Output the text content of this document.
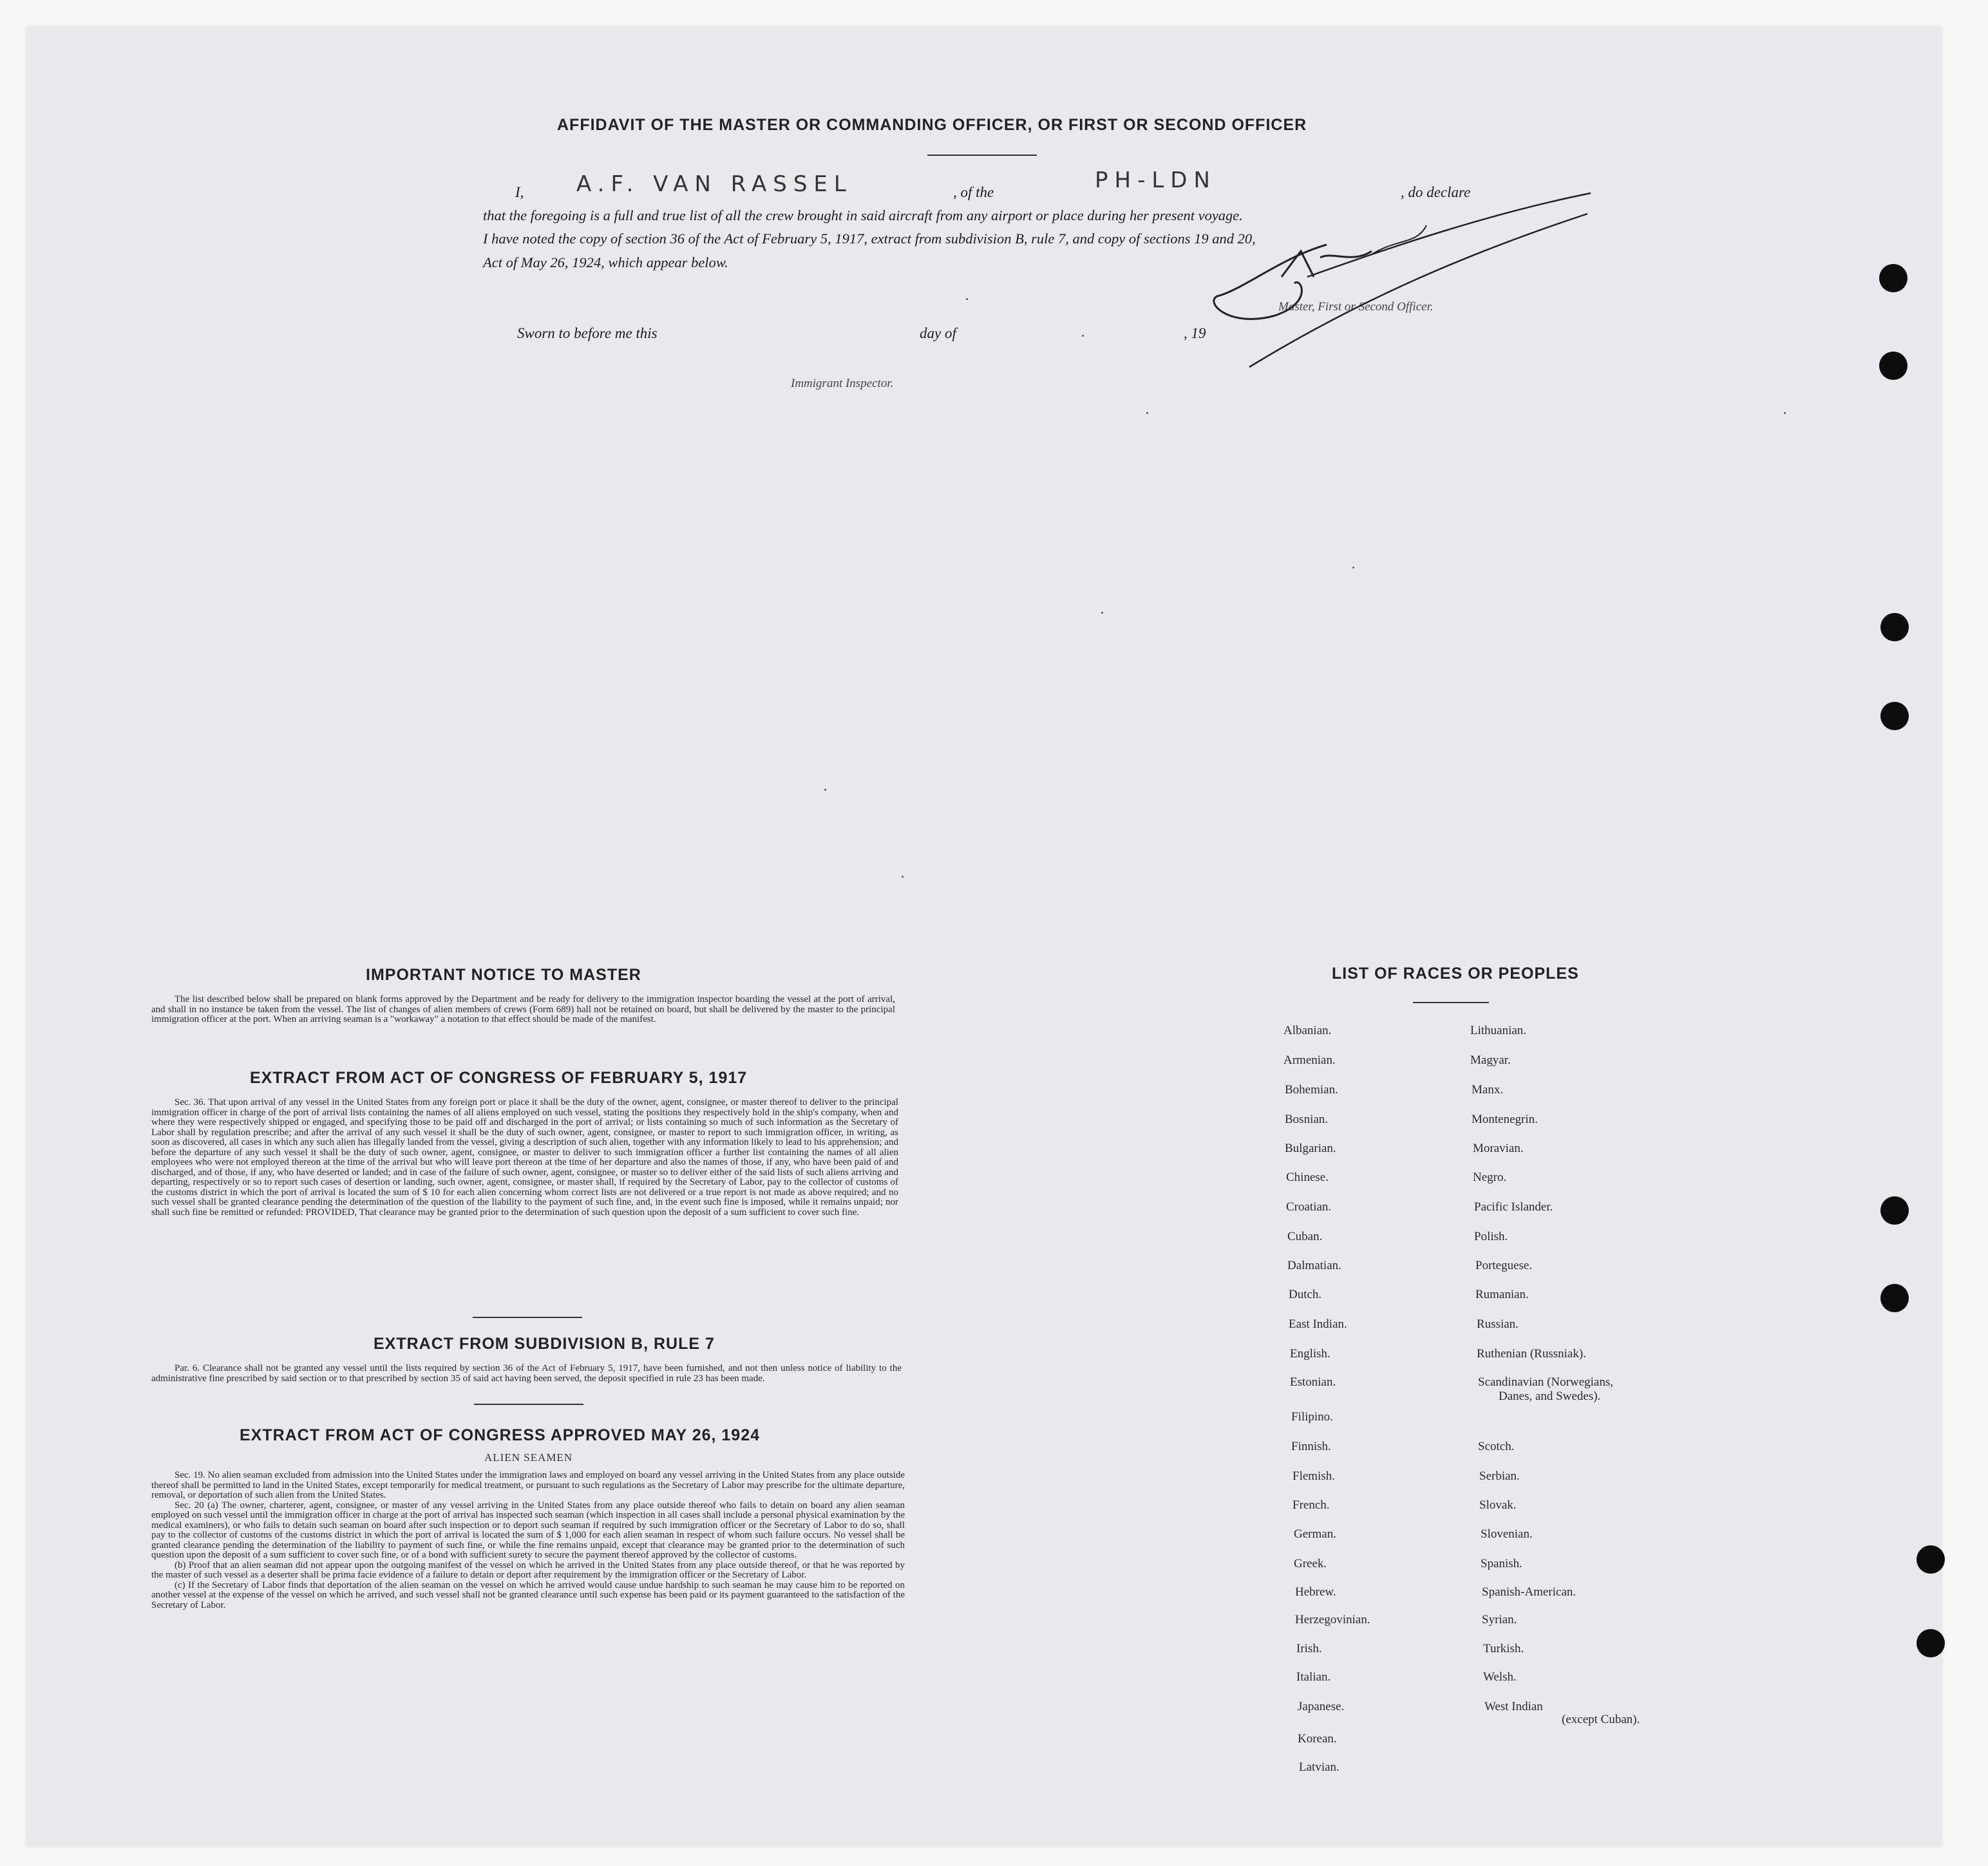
AFFIDAVIT OF THE MASTER OR COMMANDING OFFICER, OR FIRST OR SECOND OFFICER
I, A.F. VAN RASSEL	, of the	PH-LDN	, do declare
that the foregoing is a full and true list of all the crew brought in said aircraft from any airport or place during her present voyage.
I have noted the copy of section 36 of the Act of February 5, 1917, extract from subdivision B, rule 7, and copy of sections 19 and 20,
Act of May 26, 1924, which appear below.
Sworn to before me this	day of	, 19
Master, First or Second Officer.
Immigrant Inspector.
IMPORTANT NOTICE TO MASTER

The list described below shall be prepared on blank forms approved by the Department and be ready for delivery to the immigration inspector boarding the vessel at the port of arrival, and shall in no instance be taken from the vessel. The list of changes of alien members of crews (Form 689) hall not be retained on board, but shall be delivered by the master to the principal immigration officer at the port. When an arriving seaman is a "workaway" a notation to that effect should be made of the manifest.

EXTRACT FROM ACT OF CONGRESS OF FEBRUARY 5, 1917

Sec. 36. That upon arrival of any vessel in the United States from any foreign port or place it shall be the duty of the owner, agent, consignee, or master thereof to deliver to the principal immigration officer in charge of the port of arrival lists containing the names of all aliens employed on such vessel, stating the positions they respectively hold in the ship's company, when and where they were respectively shipped or engaged, and specifying those to be paid off and discharged in the port of arrival; or lists containing so much of such information as the Secretary of Labor shall by regulation prescribe; and after the arrival of any such vessel it shall be the duty of such owner, agent, consignee, or master to report to such immigration officer, in writing, as soon as discovered, all cases in which any such alien has illegally landed from the vessel, giving a description of such alien, together with any information likely to lead to his apprehension; and before the departure of any such vessel it shall be the duty of such owner, agent, consignee, or master to deliver to such immigration officer a further list containing the names of all alien employees who were not employed thereon at the time of the arrival but who will leave port thereon at the time of her departure and also the names of those, if any, who have been paid of and discharged, and of those, if any, who have deserted or landed; and in case of the failure of such owner, agent, consignee, or master so to deliver either of the said lists of such aliens arriving and departing, respectively or so to report such cases of desertion or landing, such owner, agent, consignee, or master shall, if required by the Secretary of Labor, pay to the collector of customs of the customs district in which the port of arrival is located the sum of $ 10 for each alien concerning whom correct lists are not delivered or a true report is not made as above required; and no such vessel shall be granted clearance pending the determination of the question of the liability to the payment of such fine, and, in the event such fine is imposed, while it remains unpaid; nor shall such fine be remitted or refunded: PROVIDED, That clearance may be granted prior to the determination of such question upon the deposit of a sum sufficient to cover such fine.

EXTRACT FROM SUBDIVISION B, RULE 7

Par. 6. Clearance shall not be granted any vessel until the lists required by section 36 of the Act of February 5, 1917, have been furnished, and not then unless notice of liability to the administrative fine prescribed by said section or to that prescribed by section 35 of said act having been served, the deposit specified in rule 23 has been made.

EXTRACT FROM ACT OF CONGRESS APPROVED MAY 26, 1924
ALIEN SEAMEN

Sec. 19. No alien seaman excluded from admission into the United States under the immigration laws and employed on board any vessel arriving in the United States from any place outside thereof shall be permitted to land in the United States, except temporarily for medical treatment, or pursuant to such regulations as the Secretary of Labor may prescribe for the ultimate departure, removal, or deportation of such alien from the United States.

Sec. 20 (a) The owner, charterer, agent, consignee, or master of any vessel arriving in the United States from any place outside thereof who fails to detain on board any alien seaman employed on such vessel until the immigration officer in charge at the port of arrival has inspected such seaman (which inspection in all cases shall include a personal physical examination by the medical examiners), or who fails to detain such seaman on board after such inspection or to deport such seaman if required by such immigration officer or the Secretary of Labor to do so, shall pay to the collector of customs of the customs district in which the port of arrival is located the sum of $ 1,000 for each alien seaman in respect of whom such failure occurs. No vessel shall be granted clearance pending the determination of the liability to payment of such fine, or while the fine remains unpaid, except that clearance may be granted prior to the determination of such question upon the deposit of a sum sufficient to cover such fine, or of a bond with sufficient surety to secure the payment thereof approved by the collector of customs.

(b) Proof that an alien seaman did not appear upon the outgoing manifest of the vessel on which he arrived in the United States from any place outside thereof, or that he was reported by the master of such vessel as a deserter shall be prima facie evidence of a failure to detain or deport after requirement by the immigration officer or the Secretary of Labor.

(c) If the Secretary of Labor finds that deportation of the alien seaman on the vessel on which he arrived would cause undue hardship to such seaman he may cause him to be reported on another vessel at the expense of the vessel on which he arrived, and such vessel shall not be granted clearance until such expense has been paid or its payment guaranteed to the satisfaction of the Secretary of Labor.

LIST OF RACES OR PEOPLES
Albanian.
Armenian.
Bohemian.
Bosnian.
Bulgarian.
Chinese.
Croatian.
Cuban.
Dalmatian.
Dutch.
East Indian.
English.
Estonian.
Filipino.
Finnish.
Flemish.
French.
German.
Greek.
Hebrew.
Herzegovinian.
Irish.
Italian.
Japanese.
Korean.
Latvian.
Lithuanian.
Magyar.
Manx.
Montenegrin.
Moravian.
Negro.
Pacific Islander.
Polish.
Porteguese.
Rumanian.
Russian.
Ruthenian (Russniak).
Scandinavian (Norwegians,
Danes, and Swedes).
Scotch.
Serbian.
Slovak.
Slovenian.
Spanish.
Spanish-American.
Syrian.
Turkish.
Welsh.
West Indian
(except Cuban).
